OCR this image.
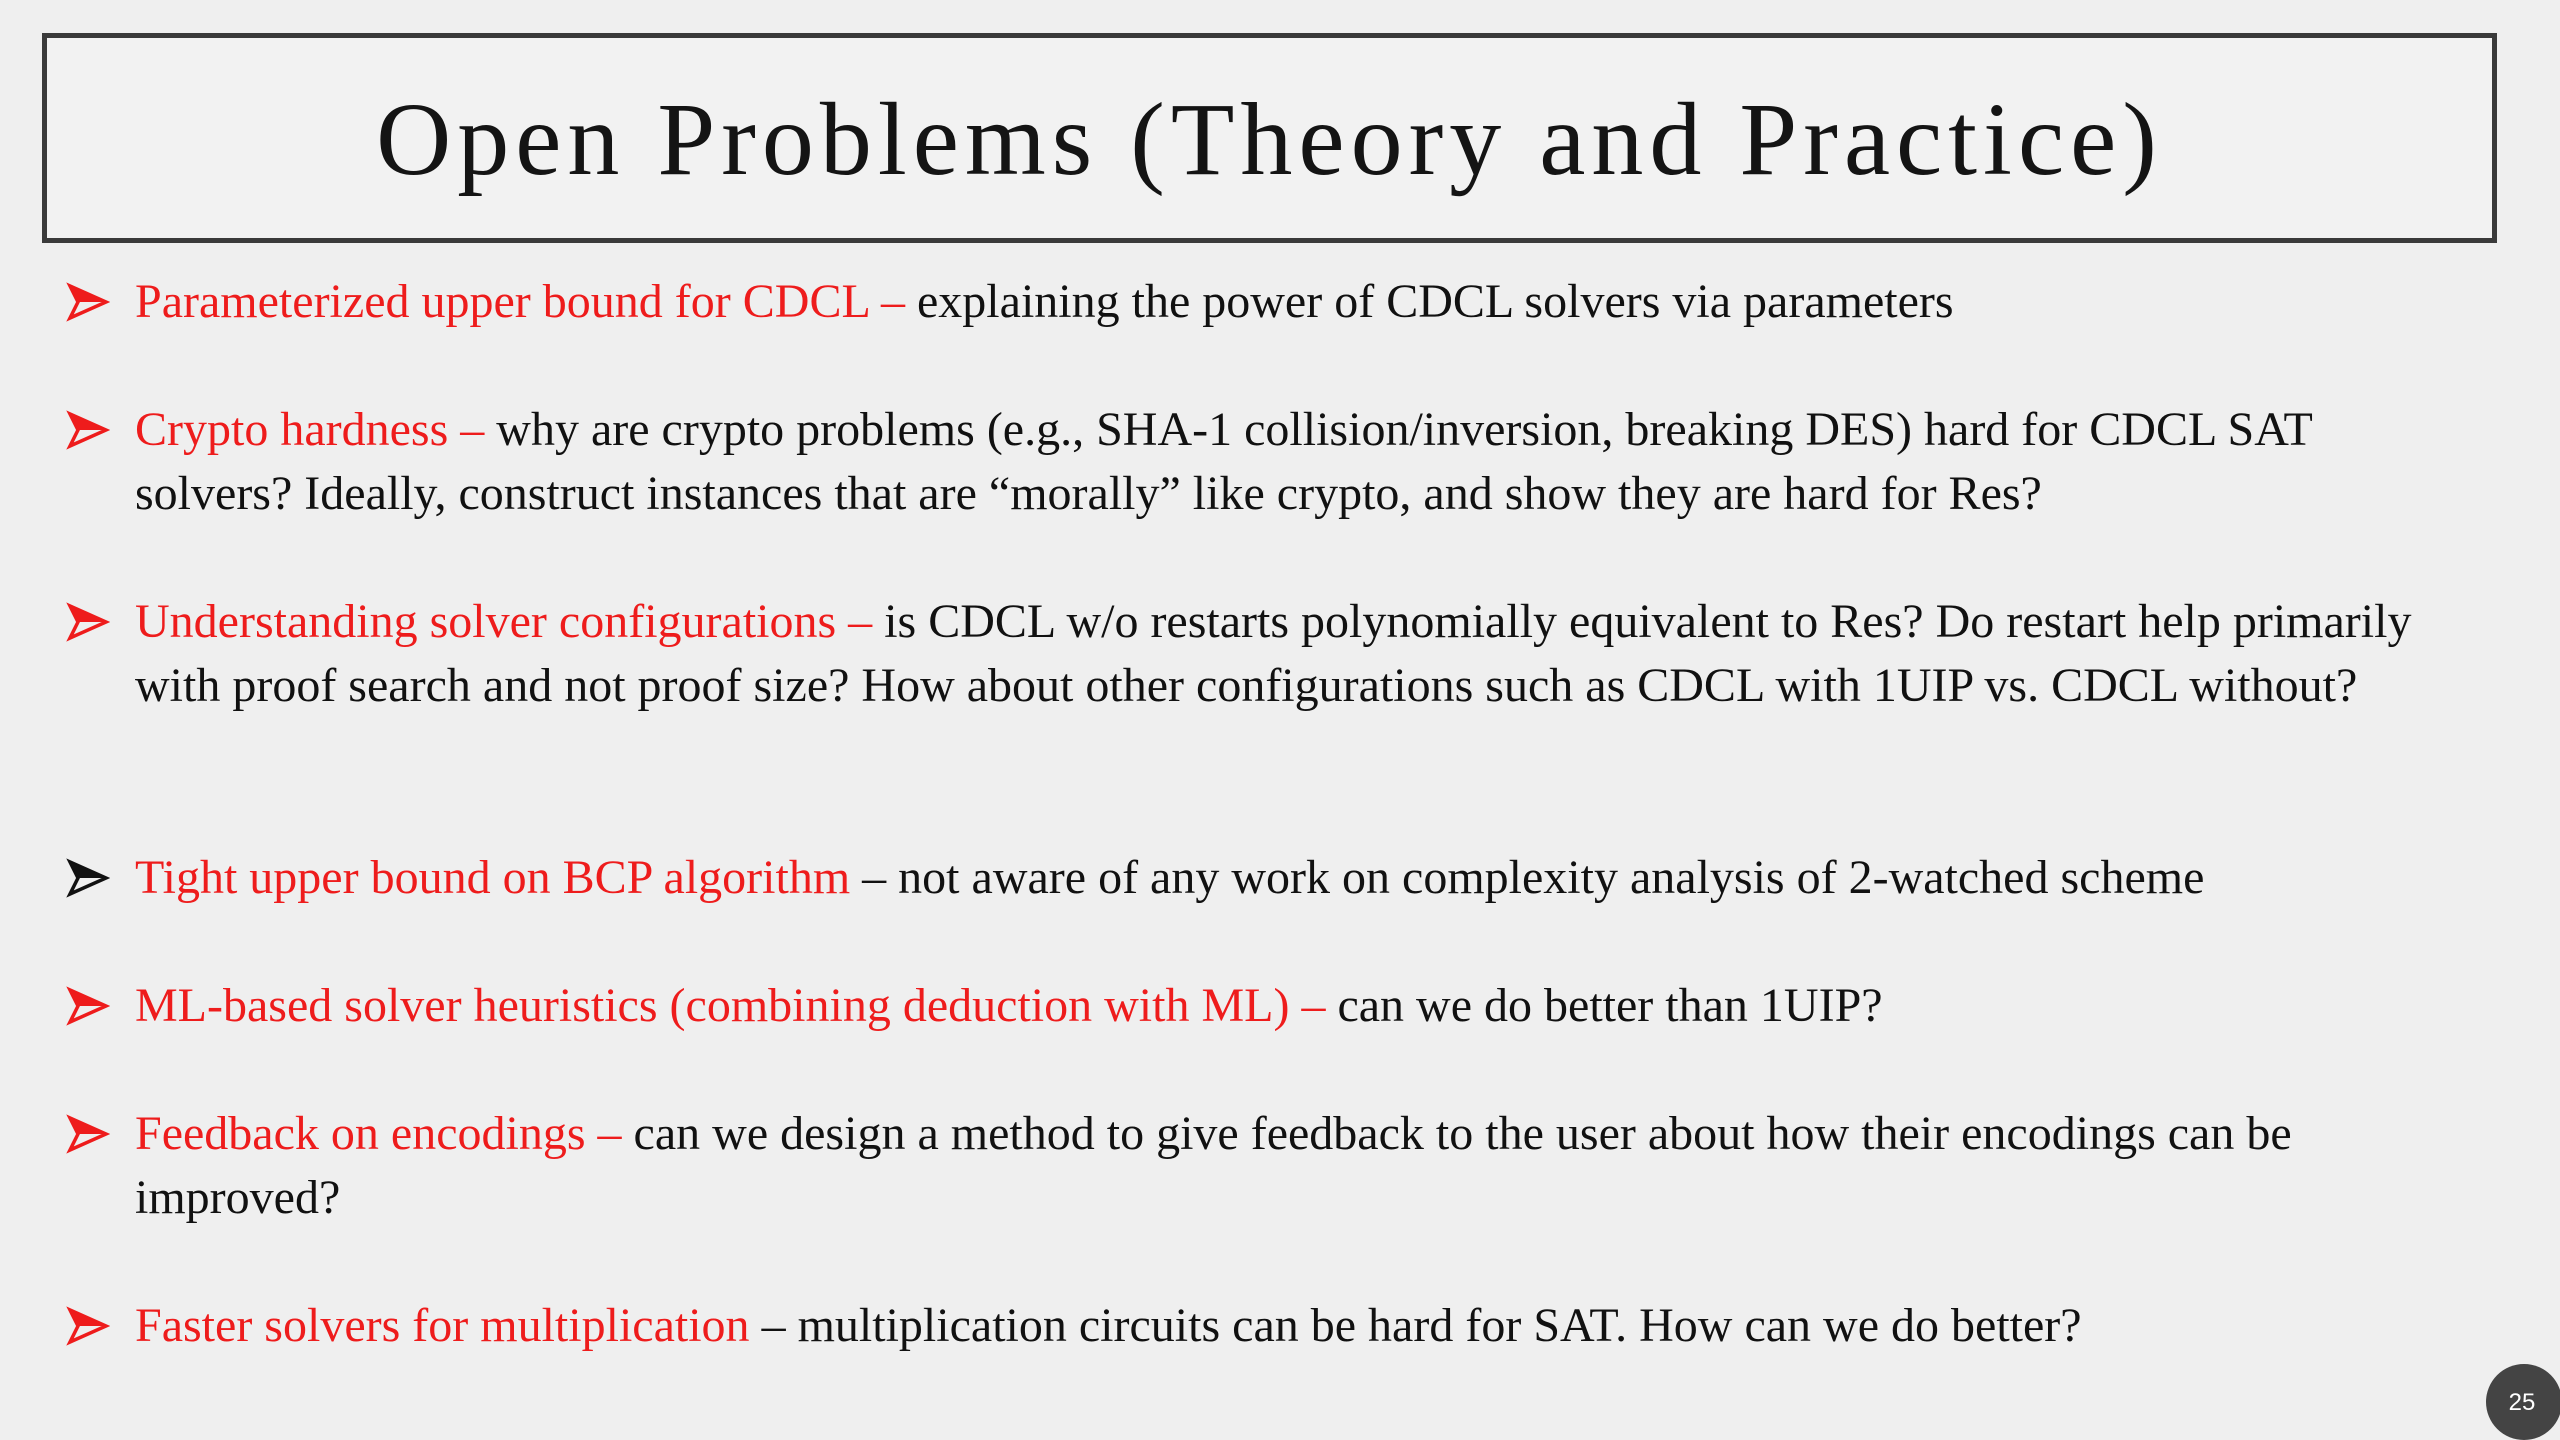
Open Problems (Theory and Practice)
Parameterized upper bound for CDCL – explaining the power of CDCL solvers via parameters
Crypto hardness – why are crypto problems (e.g., SHA-1 collision/inversion, breaking DES) hard for CDCL SAT solvers? Ideally, construct instances that are “morally” like crypto, and show they are hard for Res?
Understanding solver configurations – is CDCL w/o restarts polynomially equivalent to Res? Do restart help primarily with proof search and not proof size? How about other configurations such as CDCL with 1UIP vs. CDCL without?
Tight upper bound on BCP algorithm – not aware of any work on complexity analysis of 2-watched scheme
ML-based solver heuristics (combining deduction with ML) – can we do better than 1UIP?
Feedback on encodings – can we design a method to give feedback to the user about how their encodings can be improved?
Faster solvers for multiplication – multiplication circuits can be hard for SAT. How can we do better?
25
